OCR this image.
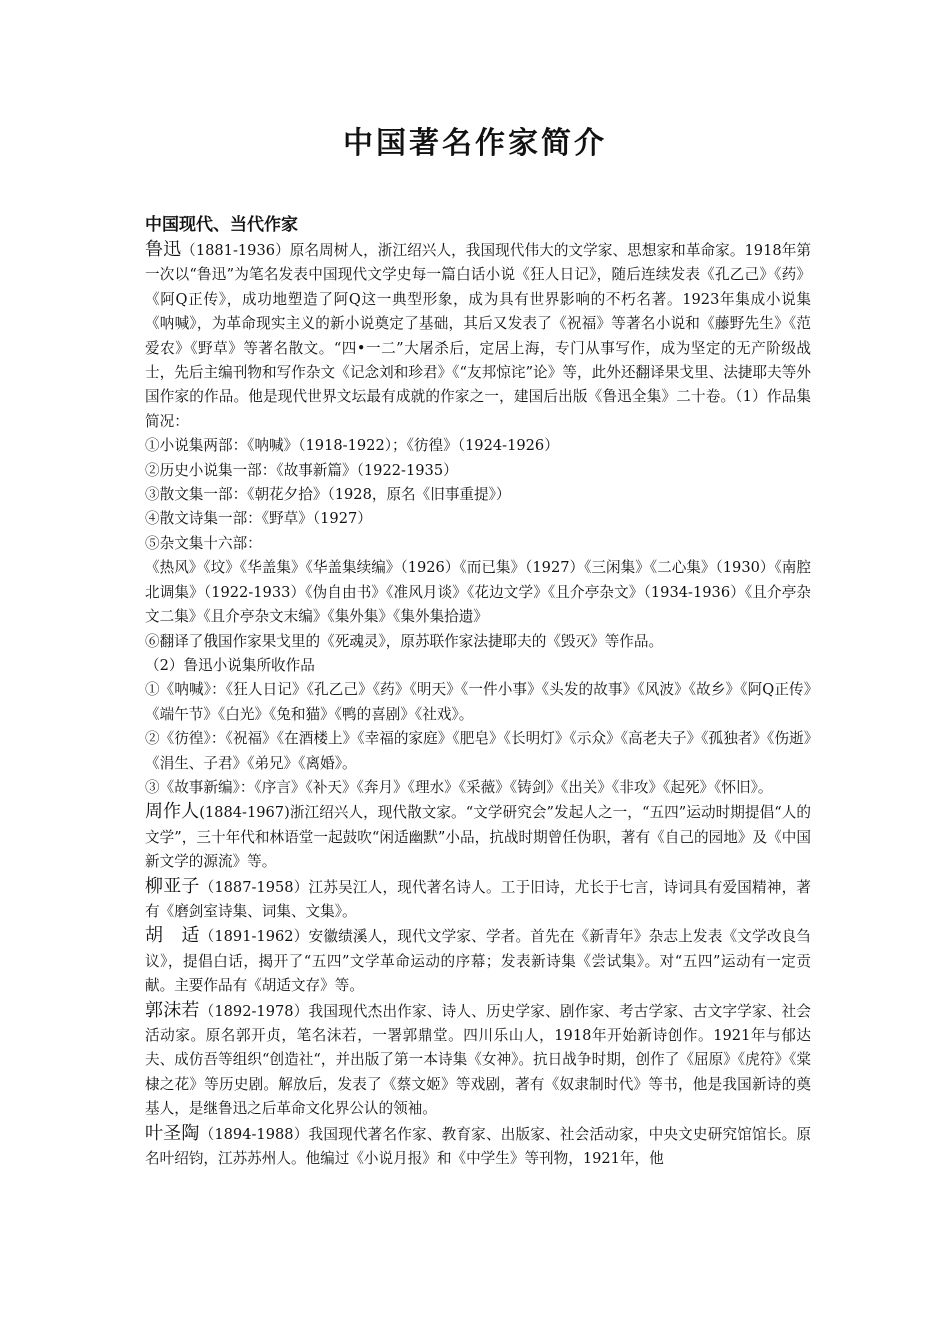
中国著名作家简介

中国现代、当代作家

鲁迅（1881-1936）原名周树人，浙江绍兴人，我国现代伟大的文学家、思想家和革命家。1918年第一次以“鲁迅”为笔名发表中国现代文学史每一篇白话小说《狂人日记》，随后连续发表《孔乙己》《药》《阿Q正传》，成功地塑造了阿Q这一典型形象，成为具有世界影响的不朽名著。1923年集成小说集《呐喊》，为革命现实主义的新小说奠定了基础，其后又发表了《祝福》等著名小说和《藤野先生》《范爱农》《野草》等著名散文。“四•一二”大屠杀后，定居上海，专门从事写作，成为坚定的无产阶级战士，先后主编刊物和写作杂文《记念刘和珍君》《“友邦惊诧”论》等，此外还翻译果戈里、法捷耶夫等外国作家的作品。他是现代世界文坛最有成就的作家之一，建国后出版《鲁迅全集》二十卷。（1）作品集简况：

①小说集两部：《呐喊》（1918-1922）；《彷徨》（1924-1926）

②历史小说集一部：《故事新篇》（1922-1935）

③散文集一部：《朝花夕拾》（1928，原名《旧事重提》）

④散文诗集一部：《野草》（1927）

⑤杂文集十六部：

《热风》《坟》《华盖集》《华盖集续编》（1926）《而已集》（1927）《三闲集》《二心集》（1930）《南腔北调集》（1922-1933）《伪自由书》《准风月谈》《花边文学》《且介亭杂文》（1934-1936）《且介亭杂文二集》《且介亭杂文末编》《集外集》《集外集拾遗》

⑥翻译了俄国作家果戈里的《死魂灵》，原苏联作家法捷耶夫的《毁灭》等作品。

（2）鲁迅小说集所收作品

①《呐喊》：《狂人日记》《孔乙己》《药》《明天》《一件小事》《头发的故事》《风波》《故乡》《阿Q正传》《端午节》《白光》《兔和猫》《鸭的喜剧》《社戏》。

②《彷徨》：《祝福》《在酒楼上》《幸福的家庭》《肥皂》《长明灯》《示众》《高老夫子》《孤独者》《伤逝》《涓生、子君》《弟兄》《离婚》。

③《故事新编》：《序言》《补天》《奔月》《理水》《采薇》《铸剑》《出关》《非攻》《起死》《怀旧》。

周作人(1884-1967)浙江绍兴人，现代散文家。“文学研究会”发起人之一，“五四”运动时期提倡“人的文学”，三十年代和林语堂一起鼓吹“闲适幽默”小品，抗战时期曾任伪职，著有《自己的园地》及《中国新文学的源流》等。

柳亚子（1887-1958）江苏吴江人，现代著名诗人。工于旧诗，尤长于七言，诗词具有爱国精神，著有《磨剑室诗集、词集、文集》。

胡　适（1891-1962）安徽绩溪人，现代文学家、学者。首先在《新青年》杂志上发表《文学改良刍议》，提倡白话，揭开了“五四”文学革命运动的序幕；发表新诗集《尝试集》。对“五四”运动有一定贡献。主要作品有《胡适文存》等。

郭沫若（1892-1978）我国现代杰出作家、诗人、历史学家、剧作家、考古学家、古文字学家、社会活动家。原名郭开贞，笔名沫若，一署郭鼎堂。四川乐山人，1918年开始新诗创作。1921年与郁达夫、成仿吾等组织“创造社“，并出版了第一本诗集《女神》。抗日战争时期，创作了《屈原》《虎符》《棠棣之花》等历史剧。解放后，发表了《蔡文姬》等戏剧，著有《奴隶制时代》等书，他是我国新诗的奠基人，是继鲁迅之后革命文化界公认的领袖。

叶圣陶（1894-1988）我国现代著名作家、教育家、出版家、社会活动家，中央文史研究馆馆长。原名叶绍钧，江苏苏州人。他编过《小说月报》和《中学生》等刊物，1921年，他
